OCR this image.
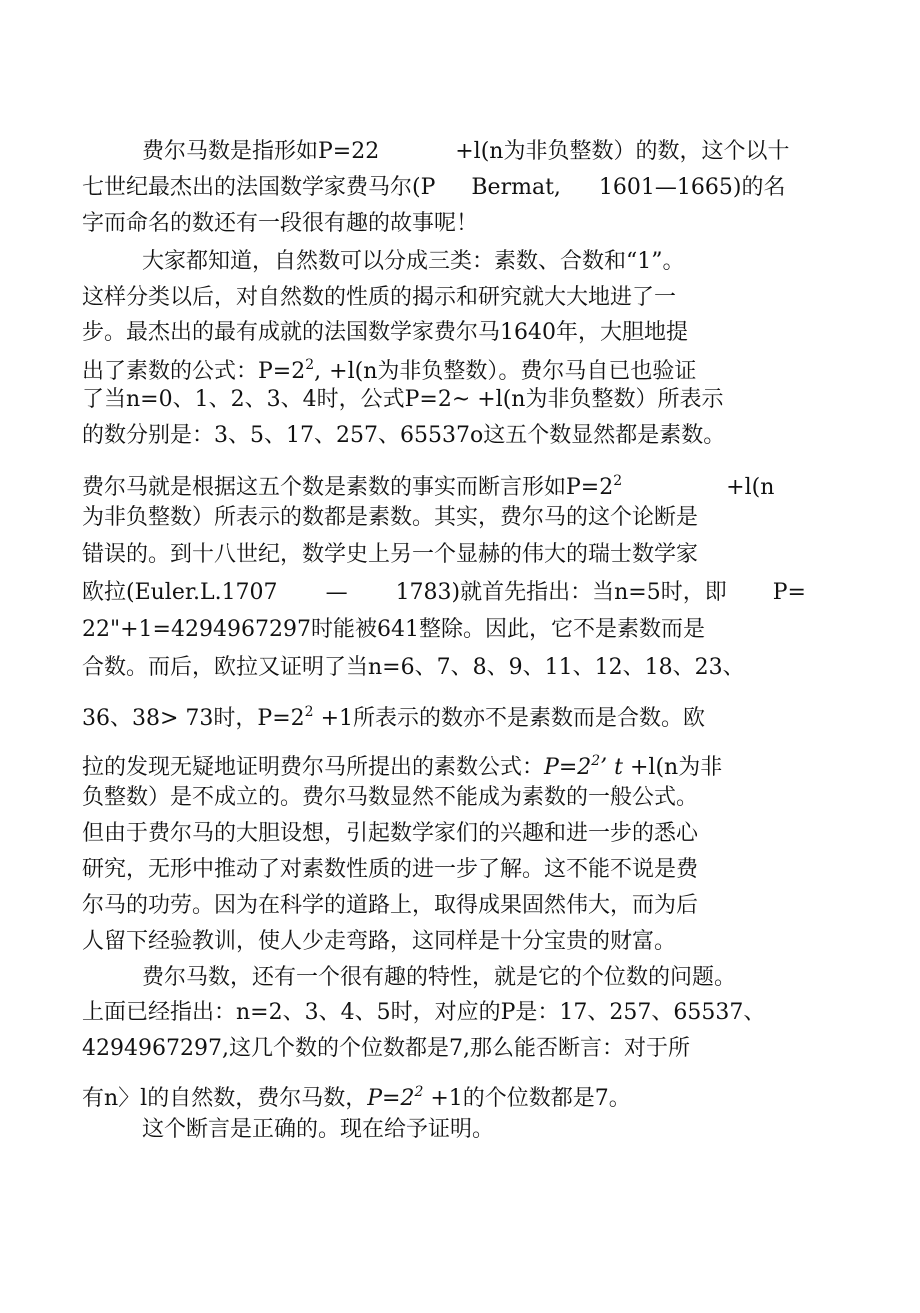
费尔马数是指形如P=22	+l(n为非负整数）的数，这个以十
七世纪最杰出的法国数学家费马尔(P Bermat, 1601—1665)的名
字而命名的数还有一段很有趣的故事呢！
大家都知道，自然数可以分成三类：素数、合数和“1”。
这样分类以后，对自然数的性质的揭示和研究就大大地进了一
步。最杰出的最有成就的法国数学家费尔马1640年，大胆地提
出了素数的公式：$P=2^2$, +l(n为非负整数）。费尔马自已也验证
了当n=0、1、2、3、4时，公式P=2~ +l(n为非负整数）所表示
的数分别是：3、5、17、257、65537o这五个数显然都是素数。
费尔马就是根据这五个数是素数的事实而断言形如$P=2^2$	+l(n
为非负整数）所表示的数都是素数。其实，费尔马的这个论断是
错误的。到十八世纪，数学史上另一个显赫的伟大的瑞士数学家
欧拉(Euler.L.1707 — 1783)就首先指出：当n=5时，即 P=
22"+1=4294967297时能被641整除。因此，它不是素数而是
合数。而后，欧拉又证明了当n=6、7、8、9、11、12、18、23、
36、38> 73时，$P=2^2 +1$所表示的数亦不是素数而是合数。欧
拉的发现无疑地证明费尔马所提出的素数公式：$P=2^2$’ t +l(n为非
负整数）是不成立的。费尔马数显然不能成为素数的一般公式。
但由于费尔马的大胆设想，引起数学家们的兴趣和进一步的悉心
研究，无形中推动了对素数性质的进一步了解。这不能不说是费
尔马的功劳。因为在科学的道路上，取得成果固然伟大，而为后
人留下经验教训，使人少走弯路，这同样是十分宝贵的财富。
费尔马数，还有一个很有趣的特性，就是它的个位数的问题。
上面已经指出：n=2、3、4、5时，对应的P是：17、257、65537、
4294967297,这几个数的个位数都是7,那么能否断言：对于所
有n〉l的自然数，费尔马数，$P=2^2 +1$的个位数都是7。
这个断言是正确的。现在给予证明。
